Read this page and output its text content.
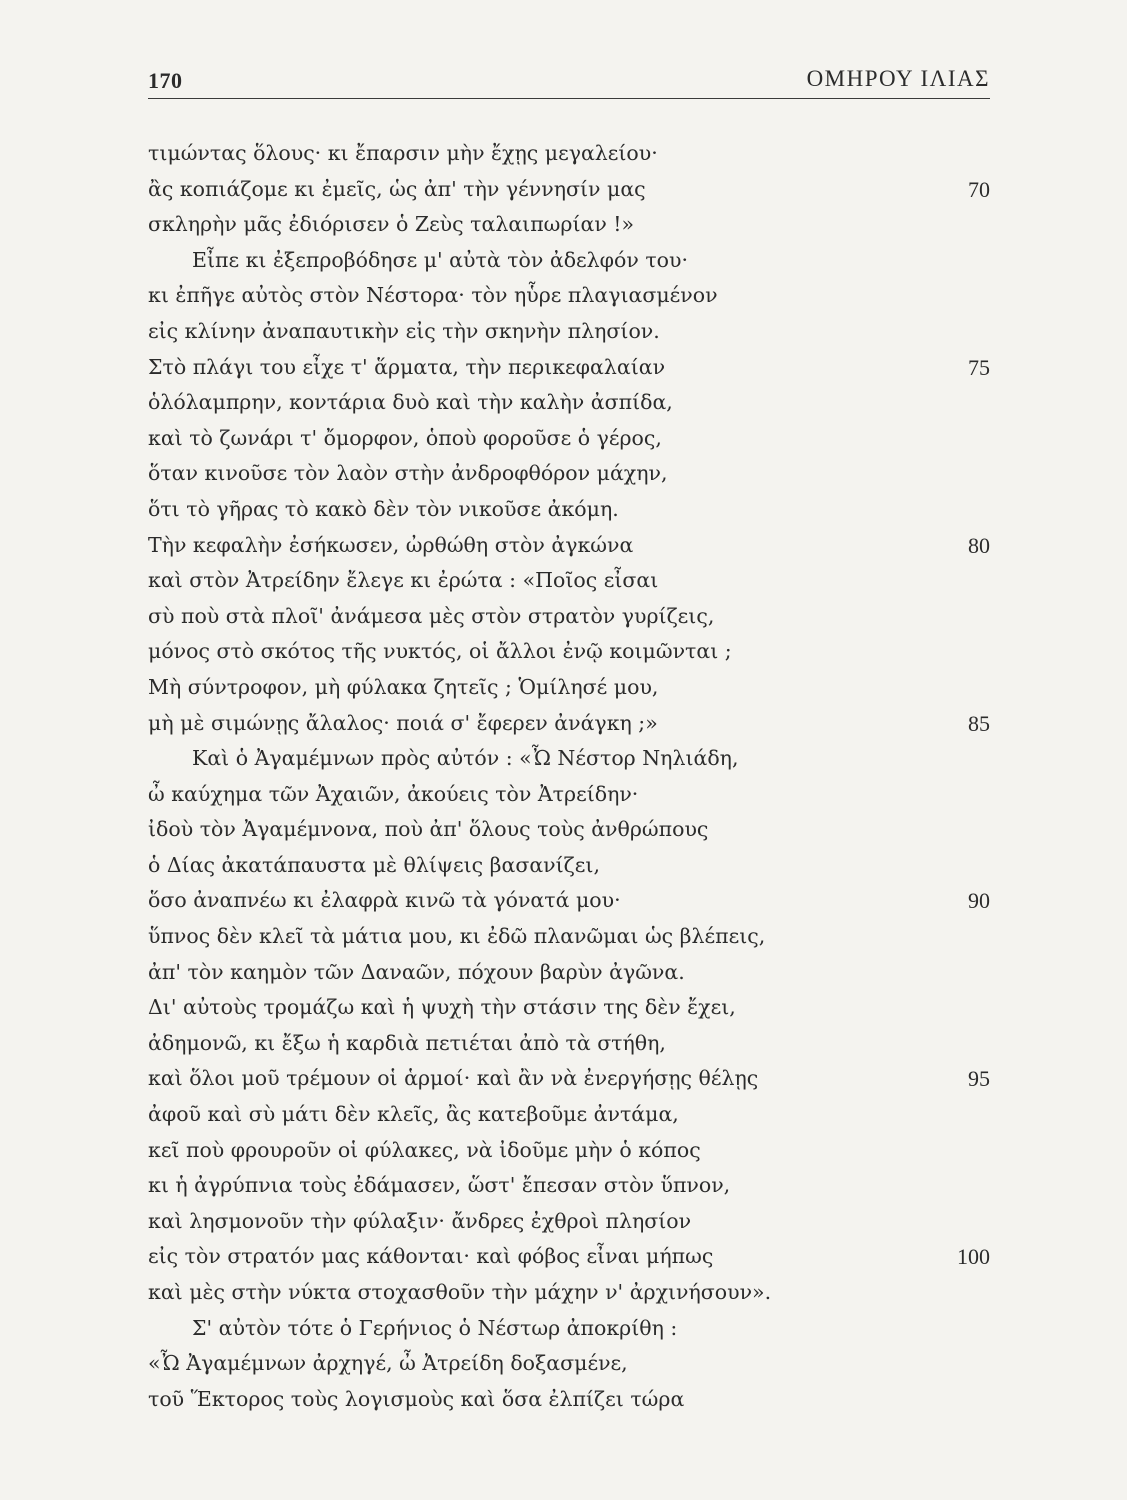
170	ΟΜΗΡΟΥ ΙΛΙΑΣ
τιμώντας ὅλους· κι ἔπαρσιν μὴν ἔχῃς μεγαλείου·
ἂς κοπιάζομε κι ἐμεῖς, ὡς ἀπ' τὴν γέννησίν μας	70
σκληρὴν μᾶς ἐδιόρισεν ὁ Ζεὺς ταλαιπωρίαν !»
Εἶπε κι ἐξεπροβόδησε μ' αὐτὰ τὸν ἀδελφόν του·
κι ἐπῆγε αὐτὸς στὸν Νέστορα· τὸν ηὗρε πλαγιασμένον
εἰς κλίνην ἀναπαυτικὴν εἰς τὴν σκηνὴν πλησίον.
Στὸ πλάγι του εἶχε τ' ἅρματα, τὴν περικεφαλαίαν	75
ὁλόλαμπρην, κοντάρια δυὸ καὶ τὴν καλὴν ἀσπίδα,
καὶ τὸ ζωνάρι τ' ὄμορφον, ὁποὺ φοροῦσε ὁ γέρος,
ὅταν κινοῦσε τὸν λαὸν στὴν ἀνδροφθόρον μάχην,
ὅτι τὸ γῆρας τὸ κακὸ δὲν τὸν νικοῦσε ἀκόμη.
Τὴν κεφαλὴν ἐσήκωσεν, ὠρθώθη στὸν ἀγκώνα	80
καὶ στὸν Ἀτρείδην ἔλεγε κι ἐρώτα : «Ποῖος εἶσαι
σὺ ποὺ στὰ πλοῖ' ἀνάμεσα μὲς στὸν στρατὸν γυρίζεις,
μόνος στὸ σκότος τῆς νυκτός, οἱ ἄλλοι ἐνῷ κοιμῶνται ;
Μὴ σύντροφον, μὴ φύλακα ζητεῖς ; Ὁμίλησέ μου,
μὴ μὲ σιμώνῃς ἄλαλος· ποιά σ' ἔφερεν ἀνάγκη ;»	85
Καὶ ὁ Ἀγαμέμνων πρὸς αὐτόν : «Ὦ Νέστορ Νηλιάδη,
ὦ καύχημα τῶν Ἀχαιῶν, ἀκούεις τὸν Ἀτρείδην·
ἰδοὺ τὸν Ἀγαμέμνονα, ποὺ ἀπ' ὅλους τοὺς ἀνθρώπους
ὁ Δίας ἀκατάπαυστα μὲ θλίψεις βασανίζει,
ὅσο ἀναπνέω κι ἐλαφρὰ κινῶ τὰ γόνατά μου·	90
ὕπνος δὲν κλεῖ τὰ μάτια μου, κι ἐδῶ πλανῶμαι ὡς βλέπεις,
ἀπ' τὸν καημὸν τῶν Δαναῶν, πόχουν βαρὺν ἀγῶνα.
Δι' αὐτοὺς τρομάζω καὶ ἡ ψυχὴ τὴν στάσιν της δὲν ἔχει,
ἀδημονῶ, κι ἔξω ἡ καρδιὰ πετιέται ἀπὸ τὰ στήθη,
καὶ ὅλοι μοῦ τρέμουν οἱ ἁρμοί· καὶ ἂν νὰ ἐνεργήσῃς θέλῃς	95
ἀφοῦ καὶ σὺ μάτι δὲν κλεῖς, ἂς κατεβοῦμε ἀντάμα,
κεῖ ποὺ φρουροῦν οἱ φύλακες, νὰ ἰδοῦμε μὴν ὁ κόπος
κι ἡ ἀγρύπνια τοὺς ἐδάμασεν, ὥστ' ἔπεσαν στὸν ὕπνον,
καὶ λησμονοῦν τὴν φύλαξιν· ἄνδρες ἐχθροὶ πλησίον
εἰς τὸν στρατόν μας κάθονται· καὶ φόβος εἶναι μήπως	100
καὶ μὲς στὴν νύκτα στοχασθοῦν τὴν μάχην ν' ἀρχινήσουν».
Σ' αὐτὸν τότε ὁ Γερήνιος ὁ Νέστωρ ἀποκρίθη :
«Ὦ Ἀγαμέμνων ἀρχηγέ, ὦ Ἀτρείδη δοξασμένε,
τοῦ Ἕκτορος τοὺς λογισμοὺς καὶ ὅσα ἐλπίζει τώρα
